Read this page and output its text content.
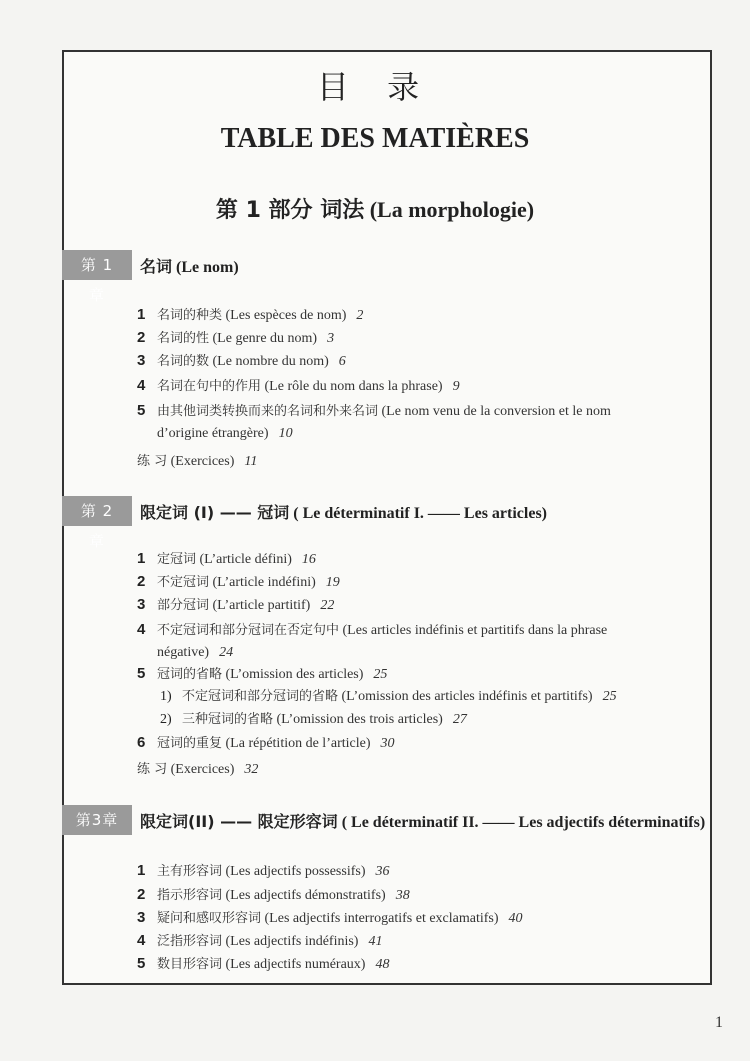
目 录
TABLE DES MATIÈRES
第 1 部分 词法 (La morphologie)
第 1 章
名词 (Le nom)
1 名词的种类 (Les espèces de nom) 2
2 名词的性 (Le genre du nom) 3
3 名词的数 (Le nombre du nom) 6
4 名词在句中的作用 (Le rôle du nom dans la phrase) 9
5 由其他词类转换而来的名词和外来名词 (Le nom venu de la conversion et le nom
d’origine étrangère) 10
练 习 (Exercices) 11
第 2 章
限定词 (I) —— 冠词 ( Le déterminatif I. —— Les articles)
1 定冠词 (L’article défini) 16
2 不定冠词 (L’article indéfini) 19
3 部分冠词 (L’article partitif) 22
4 不定冠词和部分冠词在否定句中 (Les articles indéfinis et partitifs dans la phrase
négative) 24
5 冠词的省略 (L’omission des articles) 25
1) 不定冠词和部分冠词的省略 (L’omission des articles indéfinis et partitifs) 25
2) 三种冠词的省略 (L’omission des trois articles) 27
6 冠词的重复 (La répétition de l’article) 30
练 习 (Exercices) 32
第3章	限定词(II) —— 限定形容词 ( Le déterminatif II. —— Les adjectifs déterminatifs)
1 主有形容词 (Les adjectifs possessifs) 36
2 指示形容词 (Les adjectifs démonstratifs) 38
3 疑问和感叹形容词 (Les adjectifs interrogatifs et exclamatifs) 40
4 泛指形容词 (Les adjectifs indéfinis) 41
5 数目形容词 (Les adjectifs numéraux) 48
1
